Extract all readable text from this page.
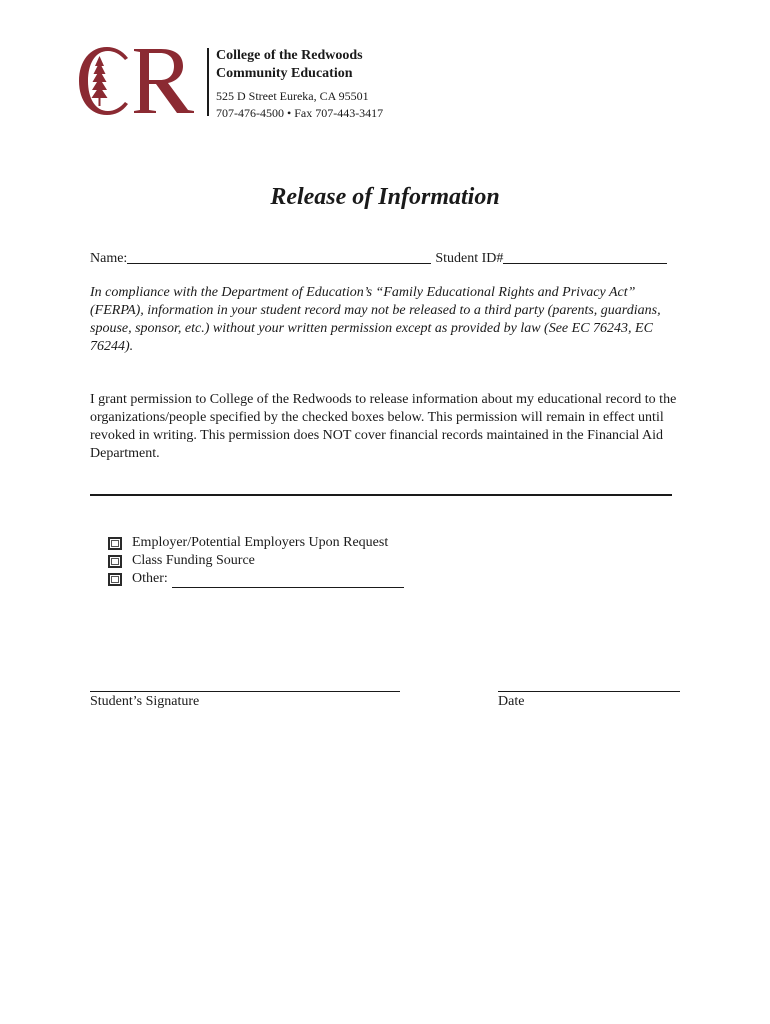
College of the Redwoods
Community Education
525 D Street Eureka, CA 95501
707-476-4500 • Fax 707-443-3417
Release of Information
Name:	Student ID#

In compliance with the Department of Education’s “Family Educational Rights and Privacy Act” (FERPA), information in your student record may not be released to a third party (parents, guardians, spouse, sponsor, etc.) without your written permission except as provided by law (See EC 76243, EC 76244).

I grant permission to College of the Redwoods to release information about my educational record to the organizations/people specified by the checked boxes below. This permission will remain in effect until revoked in writing. This permission does NOT cover financial records maintained in the Financial Aid Department.

Employer/Potential Employers Upon Request
Class Funding Source
Other:
Student’s Signature	Date
